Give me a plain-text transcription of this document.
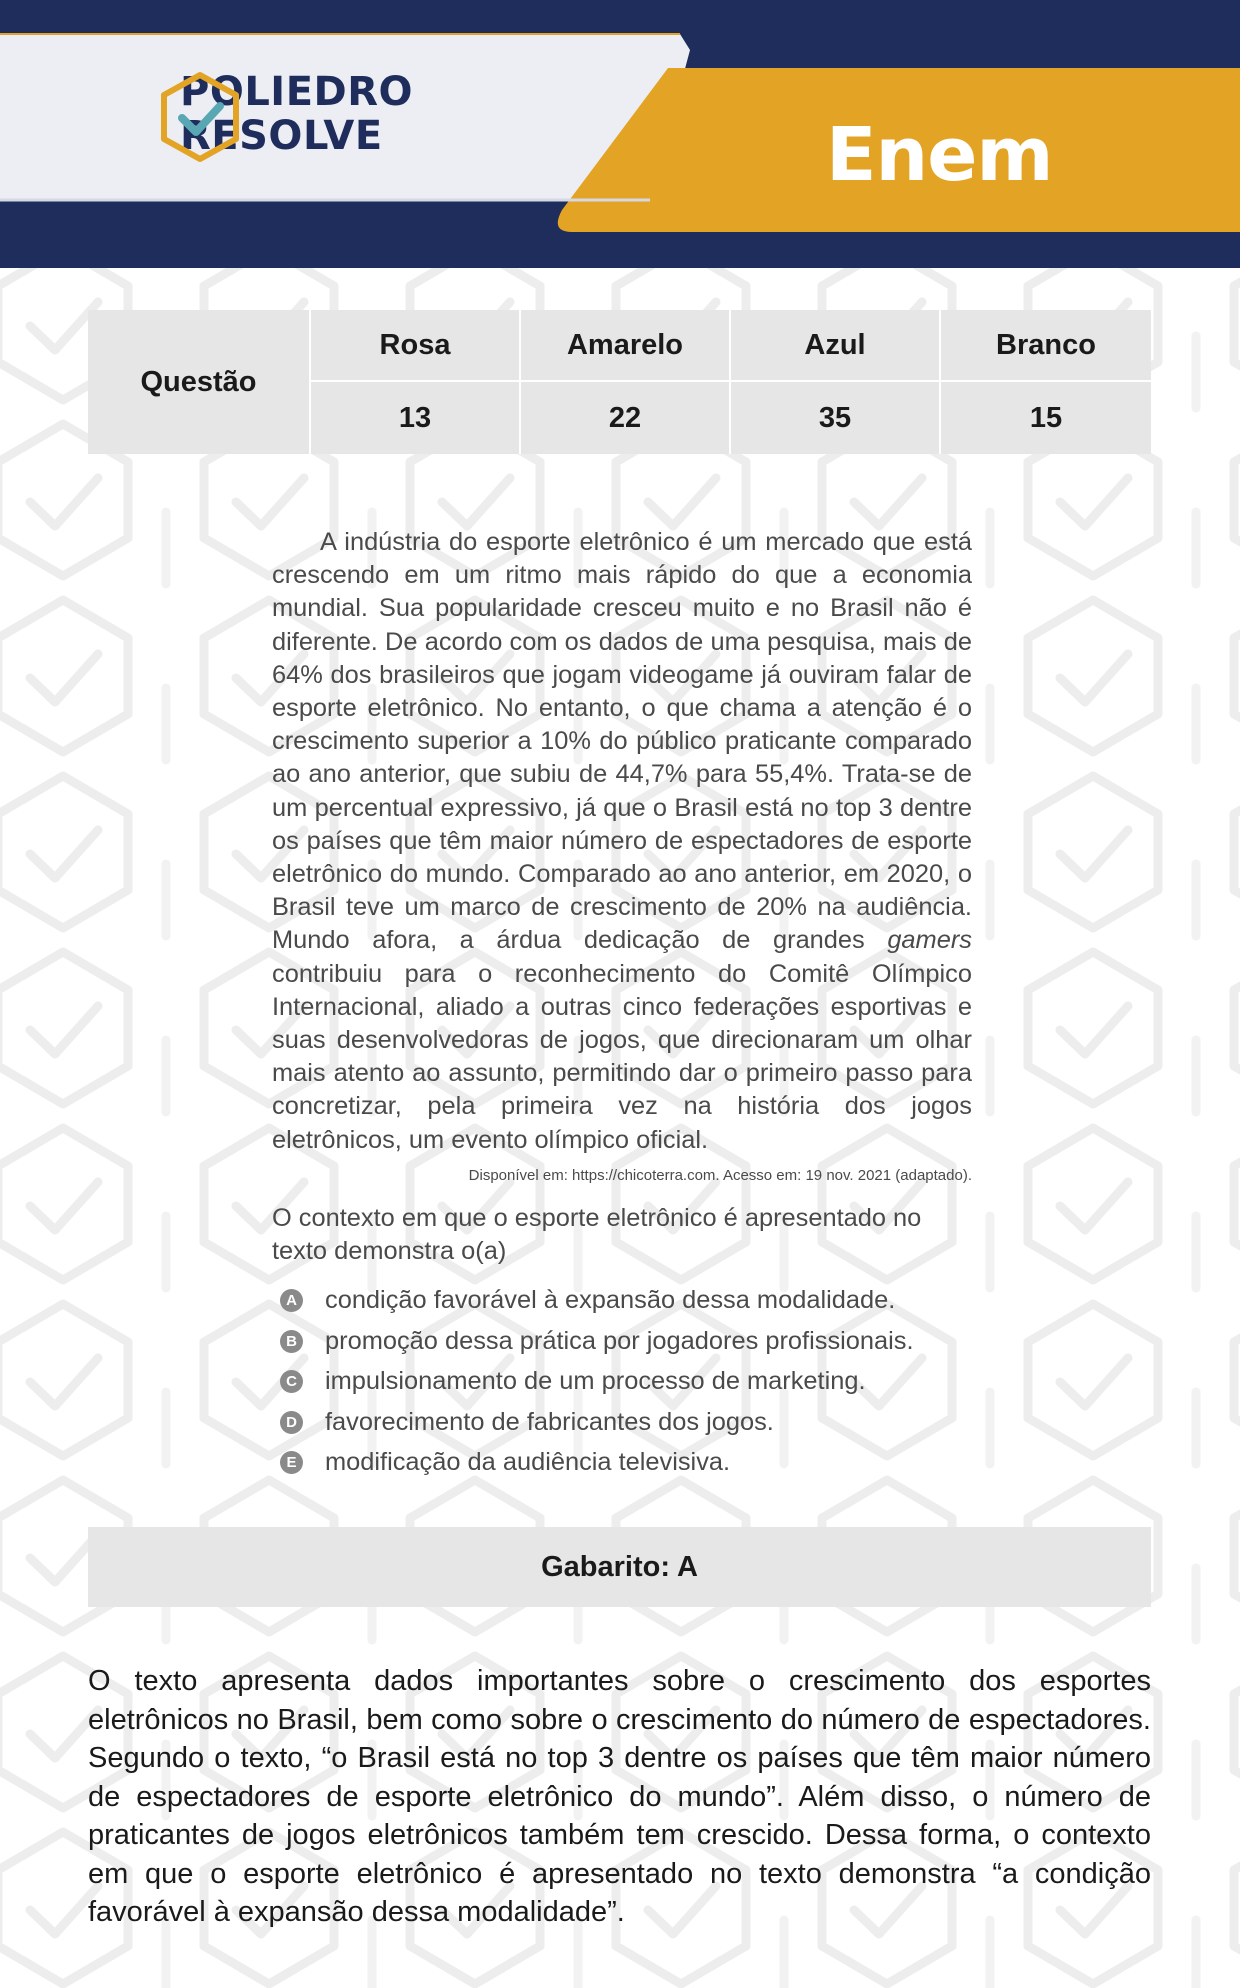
POLIEDRO
RESOLVE	Enem
Questão
Rosa	Amarelo	Azul	Branco
13	22	35	15

A indústria do esporte eletrônico é um mercado que está crescendo em um ritmo mais rápido do que a economia mundial. Sua popularidade cresceu muito e no Brasil não é diferente. De acordo com os dados de uma pesquisa, mais de 64% dos brasileiros que jogam videogame já ouviram falar de esporte eletrônico. No entanto, o que chama a atenção é o crescimento superior a 10% do público praticante comparado ao ano anterior, que subiu de 44,7% para 55,4%. Trata-se de um percentual expressivo, já que o Brasil está no top 3 dentre os países que têm maior número de espectadores de esporte eletrônico do mundo. Comparado ao ano anterior, em 2020, o Brasil teve um marco de crescimento de 20% na audiência. Mundo afora, a árdua dedicação de grandes gamers contribuiu para o reconhecimento do Comitê Olímpico Internacional, aliado a outras cinco federações esportivas e suas desenvolvedoras de jogos, que direcionaram um olhar mais atento ao assunto, permitindo dar o primeiro passo para concretizar, pela primeira vez na história dos jogos eletrônicos, um evento olímpico oficial.

Disponível em: https://chicoterra.com. Acesso em: 19 nov. 2021 (adaptado).
O contexto em que o esporte eletrônico é apresentado no texto demonstra o(a)
A condição favorável à expansão dessa modalidade.
B promoção dessa prática por jogadores profissionais.
C impulsionamento de um processo de marketing.
D favorecimento de fabricantes dos jogos.
E modificação da audiência televisiva.
Gabarito: A

O texto apresenta dados importantes sobre o crescimento dos esportes eletrônicos no Brasil, bem como sobre o crescimento do número de espectadores. Segundo o texto, “o Brasil está no top 3 dentre os países que têm maior número de espectadores de esporte eletrônico do mundo”. Além disso, o número de praticantes de jogos eletrônicos também tem crescido. Dessa forma, o contexto em que o esporte eletrônico é apresentado no texto demonstra “a condição favorável à expansão dessa modalidade”.
